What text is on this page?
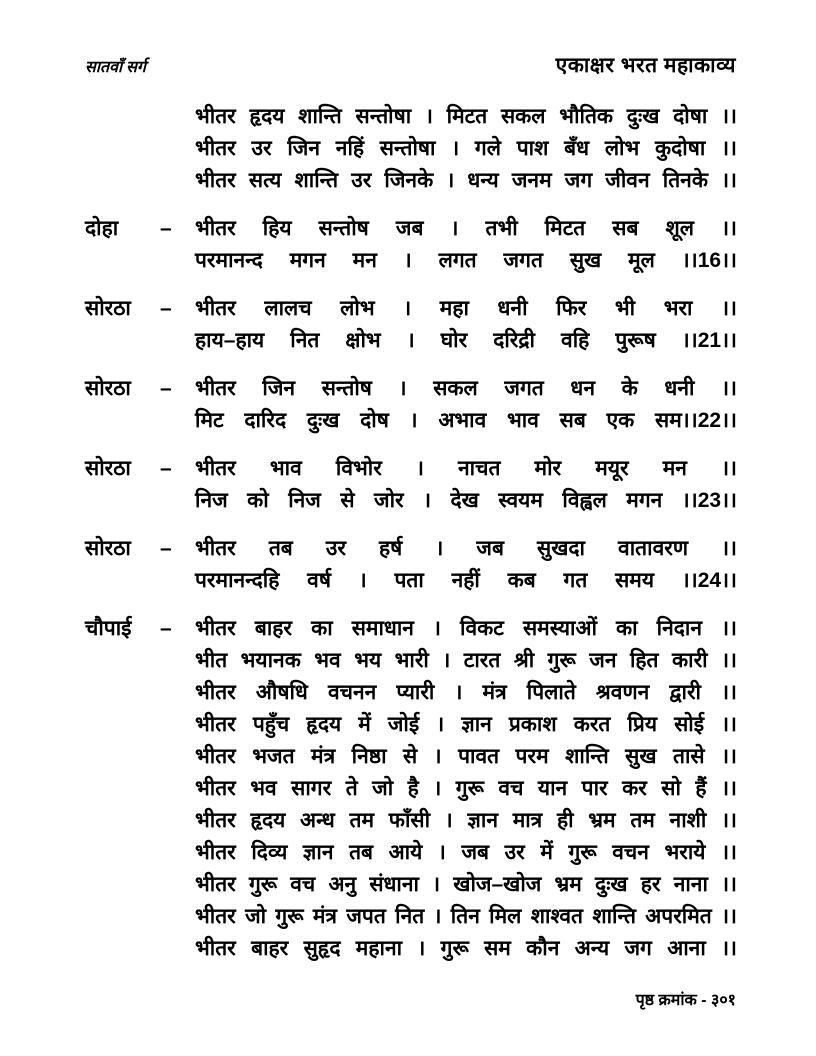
सातवाँ सर्ग	एकाक्षर भरत महाकाव्य
भीतर हृदय शान्ति सन्तोषा । मिटत सकल भौतिक दुःख दोषा ।।
भीतर उर जिन नहिं सन्तोषा । गले पाश बँध लोभ कुदोषा ।।
भीतर सत्य शान्ति उर जिनके । धन्य जनम जग जीवन तिनके ।।
दोहा	–	भीतर हिय सन्तोष जब । तभी मिटत सब शूल ।।
परमानन्द मगन मन । लगत जगत सुख मूल ।।16।।
सोरठा	–	भीतर लालच लोभ । महा धनी फिर भी भरा ।।
हाय–हाय नित क्षोभ । घोर दरिद्री वहि पुरूष ।।21।।
सोरठा	–	भीतर जिन सन्तोष । सकल जगत धन के धनी ।।
मिट दारिद दुःख दोष । अभाव भाव सब एक सम।।22।।
सोरठा	–	भीतर भाव विभोर । नाचत मोर मयूर मन ।।
निज को निज से जोर । देख स्वयम विह्वल मगन ।।23।।
सोरठा	–	भीतर तब उर हर्ष । जब सुखदा वातावरण ।।
परमानन्दहि वर्ष । पता नहीं कब गत समय ।।24।।
चौपाई	–	भीतर बाहर का समाधान । विकट समस्याओं का निदान ।।
भीत भयानक भव भय भारी । टारत श्री गुरू जन हित कारी ।।
भीतर औषधि वचनन प्यारी । मंत्र पिलाते श्रवणन द्वारी ।।
भीतर पहुँच हृदय में जोई । ज्ञान प्रकाश करत प्रिय सोई ।।
भीतर भजत मंत्र निष्ठा से । पावत परम शान्ति सुख तासे ।।
भीतर भव सागर ते जो है । गुरू वच यान पार कर सो हैं ।।
भीतर हृदय अन्ध तम फाँसी । ज्ञान मात्र ही भ्रम तम नाशी ।।
भीतर दिव्य ज्ञान तब आये । जब उर में गुरू वचन भराये ।।
भीतर गुरू वच अनु संधाना । खोज–खोज भ्रम दुःख हर नाना ।।
भीतर जो गुरू मंत्र जपत नित । तिन मिल शाश्वत शान्ति अपरमित ।।
भीतर बाहर सुहृद महाना । गुरू सम कौन अन्य जग आना ।।
पृष्ठ क्रमांक - ३०१
